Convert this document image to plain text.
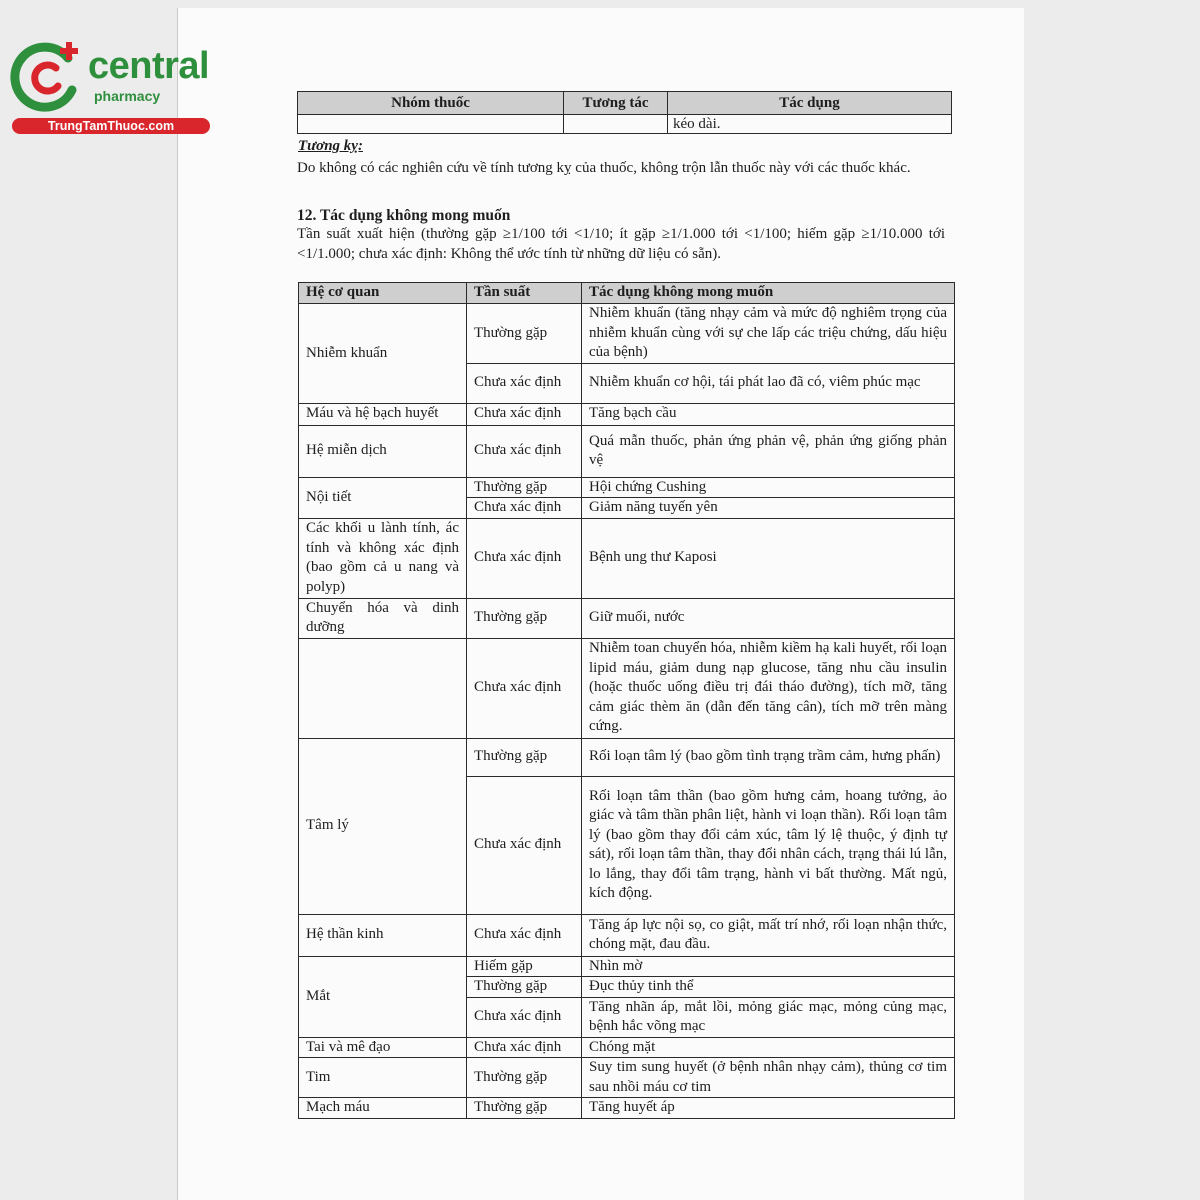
central
pharmacy
TrungTamThuoc.com
Nhóm thuốc	Tương tác	Tác dụng
		kéo dài.
Tương kỵ:
Do không có các nghiên cứu về tính tương kỵ của thuốc, không trộn lẫn thuốc này với các thuốc khác.
12. Tác dụng không mong muốn
Tần suất xuất hiện (thường gặp ≥1/100 tới <1/10; ít gặp ≥1/1.000 tới <1/100; hiếm gặp ≥1/10.000 tới <1/1.000; chưa xác định: Không thể ước tính từ những dữ liệu có sẵn).
Hệ cơ quan	Tần suất	Tác dụng không mong muốn
Nhiễm khuẩn	Thường gặp	Nhiễm khuẩn (tăng nhạy cảm và mức độ nghiêm trọng của nhiễm khuẩn cùng với sự che lấp các triệu chứng, dấu hiệu của bệnh)
	Chưa xác định	Nhiễm khuẩn cơ hội, tái phát lao đã có, viêm phúc mạc
Máu và hệ bạch huyết	Chưa xác định	Tăng bạch cầu
Hệ miễn dịch	Chưa xác định	Quá mẫn thuốc, phản ứng phản vệ, phản ứng giống phản vệ
Nội tiết	Thường gặp	Hội chứng Cushing
	Chưa xác định	Giảm năng tuyến yên
Các khối u lành tính, ác tính và không xác định (bao gồm cả u nang và polyp)	Chưa xác định	Bệnh ung thư Kaposi
Chuyển hóa và dinh dưỡng	Thường gặp	Giữ muối, nước
	Chưa xác định	Nhiễm toan chuyển hóa, nhiễm kiềm hạ kali huyết, rối loạn lipid máu, giảm dung nạp glucose, tăng nhu cầu insulin (hoặc thuốc uống điều trị đái tháo đường), tích mỡ, tăng cảm giác thèm ăn (dẫn đến tăng cân), tích mỡ trên màng cứng.
Tâm lý	Thường gặp	Rối loạn tâm lý (bao gồm tình trạng trầm cảm, hưng phấn)
	Chưa xác định	Rối loạn tâm thần (bao gồm hưng cảm, hoang tưởng, ảo giác và tâm thần phân liệt, hành vi loạn thần). Rối loạn tâm lý (bao gồm thay đổi cảm xúc, tâm lý lệ thuộc, ý định tự sát), rối loạn tâm thần, thay đổi nhân cách, trạng thái lú lẫn, lo lắng, thay đổi tâm trạng, hành vi bất thường. Mất ngủ, kích động.
Hệ thần kinh	Chưa xác định	Tăng áp lực nội sọ, co giật, mất trí nhớ, rối loạn nhận thức, chóng mặt, đau đầu.
Mắt	Hiếm gặp	Nhìn mờ
	Thường gặp	Đục thủy tinh thể
	Chưa xác định	Tăng nhãn áp, mắt lồi, mỏng giác mạc, mỏng củng mạc, bệnh hắc võng mạc
Tai và mê đạo	Chưa xác định	Chóng mặt
Tim	Thường gặp	Suy tim sung huyết (ở bệnh nhân nhạy cảm), thủng cơ tim sau nhồi máu cơ tim
Mạch máu	Thường gặp	Tăng huyết áp
